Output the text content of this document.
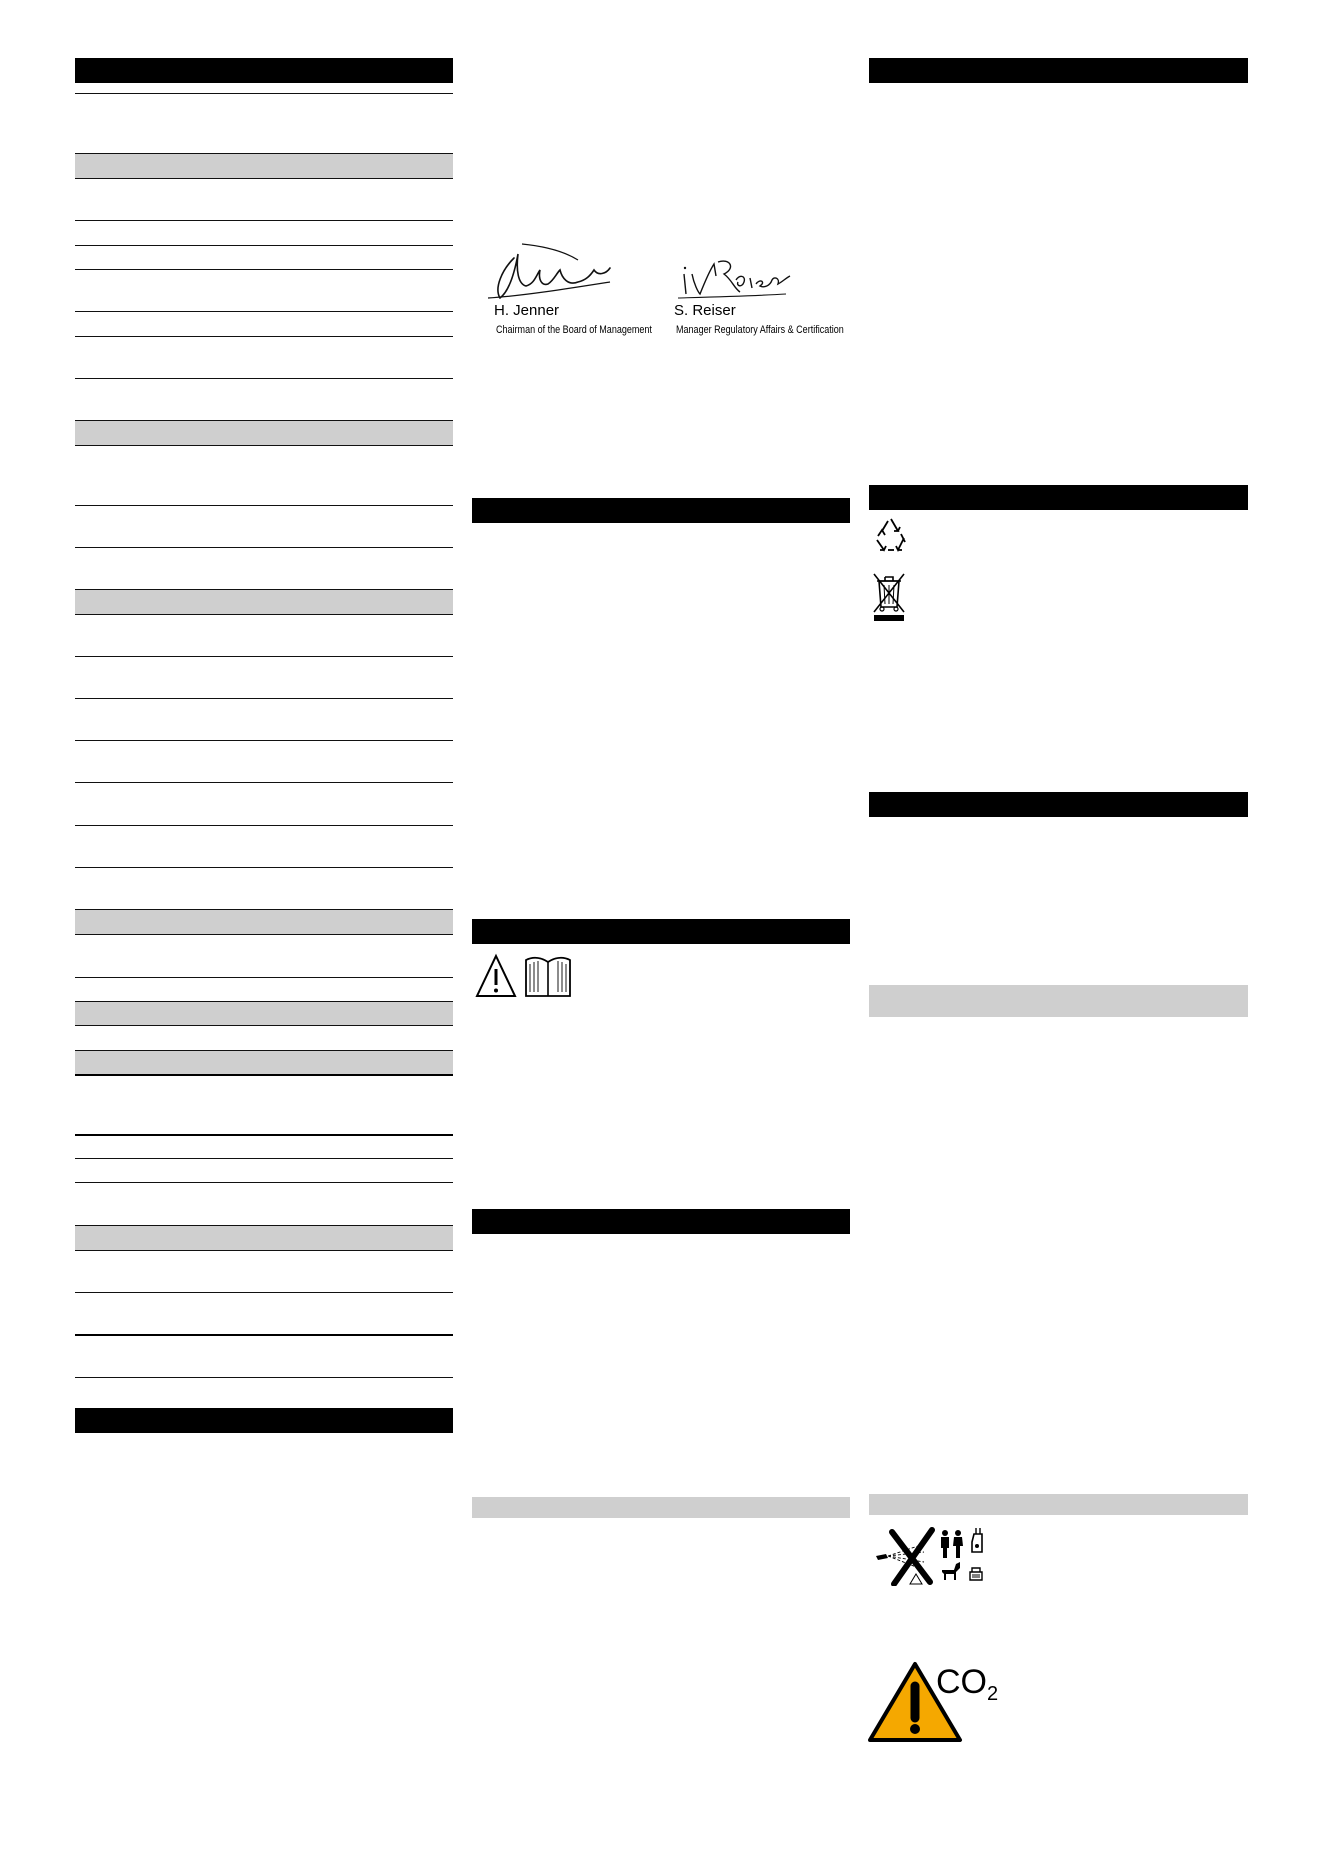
H. Jenner
Chairman of the Board of Management
S. Reiser
Manager Regulatory Affairs & Certification
$CO_2$
